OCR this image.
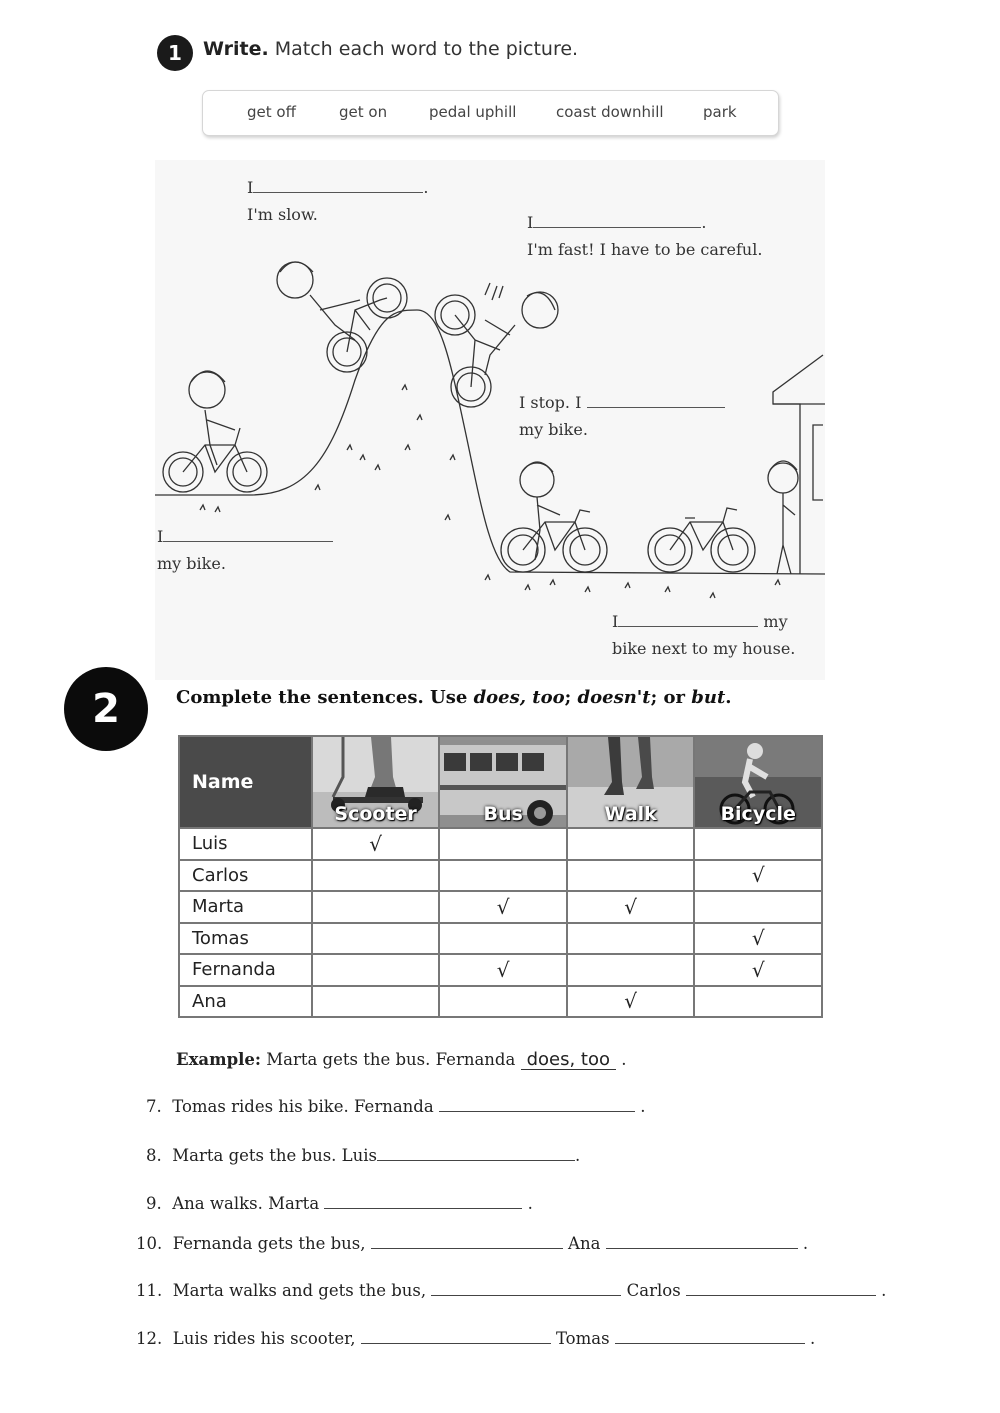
1	Write. Match each word to the picture.
get off	get on	pedal uphill	coast downhill	park
I	.
I'm slow.	I	.
I'm fast! I have to be careful.
I stop. I
my bike.
I
my bike.
I	my
bike next to my house.
2	Complete the sentences. Use does, too; doesn't; or but.
Name	Scooter	Bus	Walk	Bicycle

Luis	√			
Carlos				√
Marta		√	√	
Tomas				√
Fernanda		√		√
Ana			√	
Example: Marta gets the bus. Fernanda does, too .
7. Tomas rides his bike. Fernanda	.
8. Marta gets the bus. Luis	.
9. Ana walks. Marta	.
10. Fernanda gets the bus,	Ana	.
11. Marta walks and gets the bus,	Carlos	.
12. Luis rides his scooter,	Tomas	.
